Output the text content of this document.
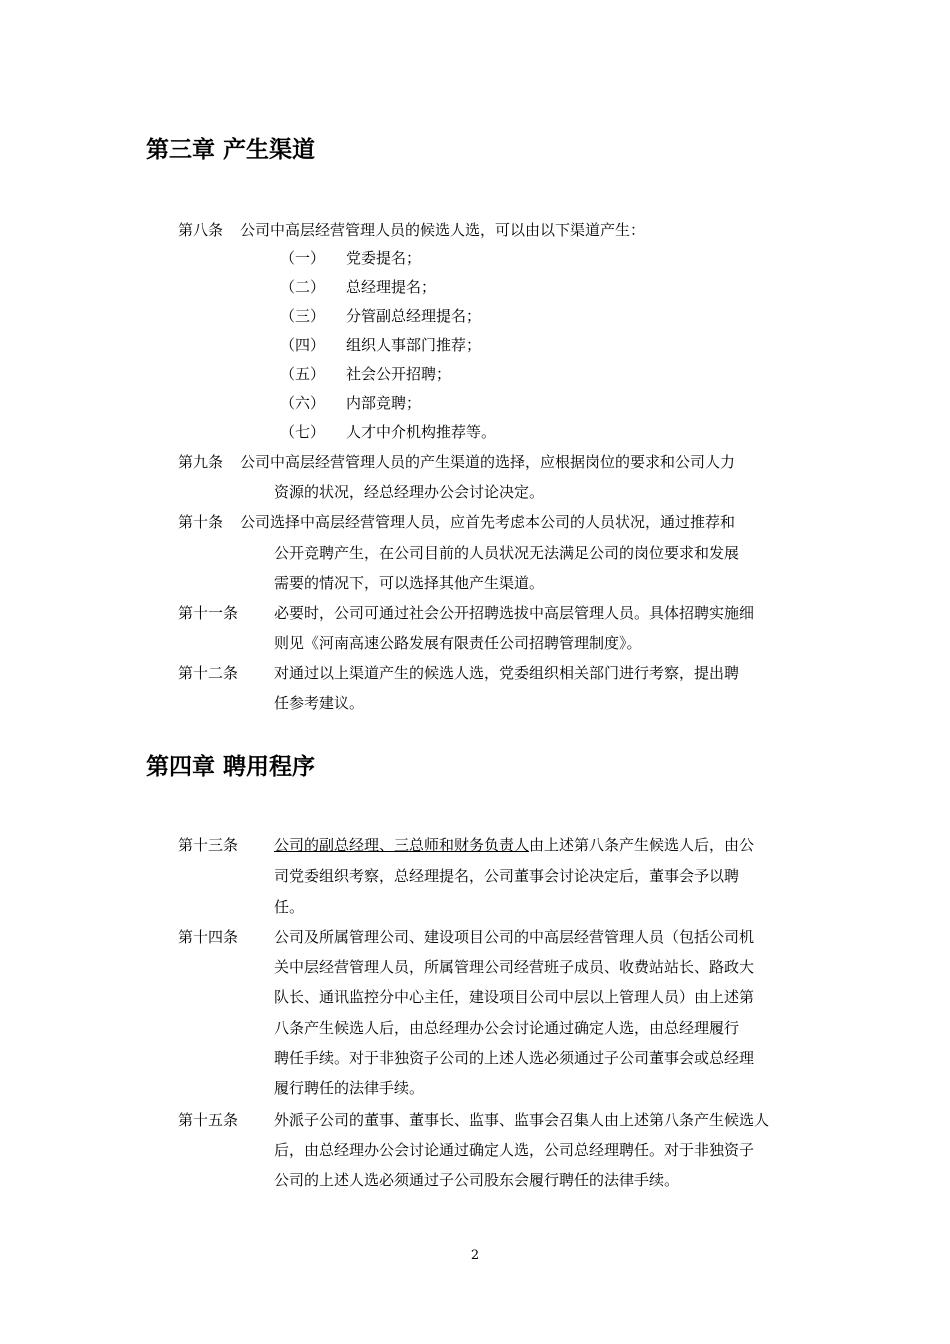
第三章 产生渠道
第八条 公司中高层经营管理人员的候选人选，可以由以下渠道产生：
（一） 党委提名；
（二） 总经理提名；
（三） 分管副总经理提名；
（四） 组织人事部门推荐；
（五） 社会公开招聘；
（六） 内部竞聘；
（七） 人才中介机构推荐等。
第九条 公司中高层经营管理人员的产生渠道的选择，应根据岗位的要求和公司人力
资源的状况，经总经理办公会讨论决定。
第十条 公司选择中高层经营管理人员，应首先考虑本公司的人员状况，通过推荐和
公开竞聘产生，在公司目前的人员状况无法满足公司的岗位要求和发展
需要的情况下，可以选择其他产生渠道。
第十一条 必要时，公司可通过社会公开招聘选拔中高层管理人员。具体招聘实施细
则见《河南高速公路发展有限责任公司招聘管理制度》。
第十二条 对通过以上渠道产生的候选人选，党委组织相关部门进行考察，提出聘
任参考建议。
第四章 聘用程序
第十三条 公司的副总经理、三总师和财务负责人由上述第八条产生候选人后，由公
司党委组织考察，总经理提名，公司董事会讨论决定后，董事会予以聘
任。
第十四条 公司及所属管理公司、建设项目公司的中高层经营管理人员（包括公司机
关中层经营管理人员，所属管理公司经营班子成员、收费站站长、路政大
队长、通讯监控分中心主任，建设项目公司中层以上管理人员）由上述第
八条产生候选人后，由总经理办公会讨论通过确定人选，由总经理履行
聘任手续。对于非独资子公司的上述人选必须通过子公司董事会或总经理
履行聘任的法律手续。
第十五条 外派子公司的董事、董事长、监事、监事会召集人由上述第八条产生候选人
后，由总经理办公会讨论通过确定人选，公司总经理聘任。对于非独资子
公司的上述人选必须通过子公司股东会履行聘任的法律手续。
2
